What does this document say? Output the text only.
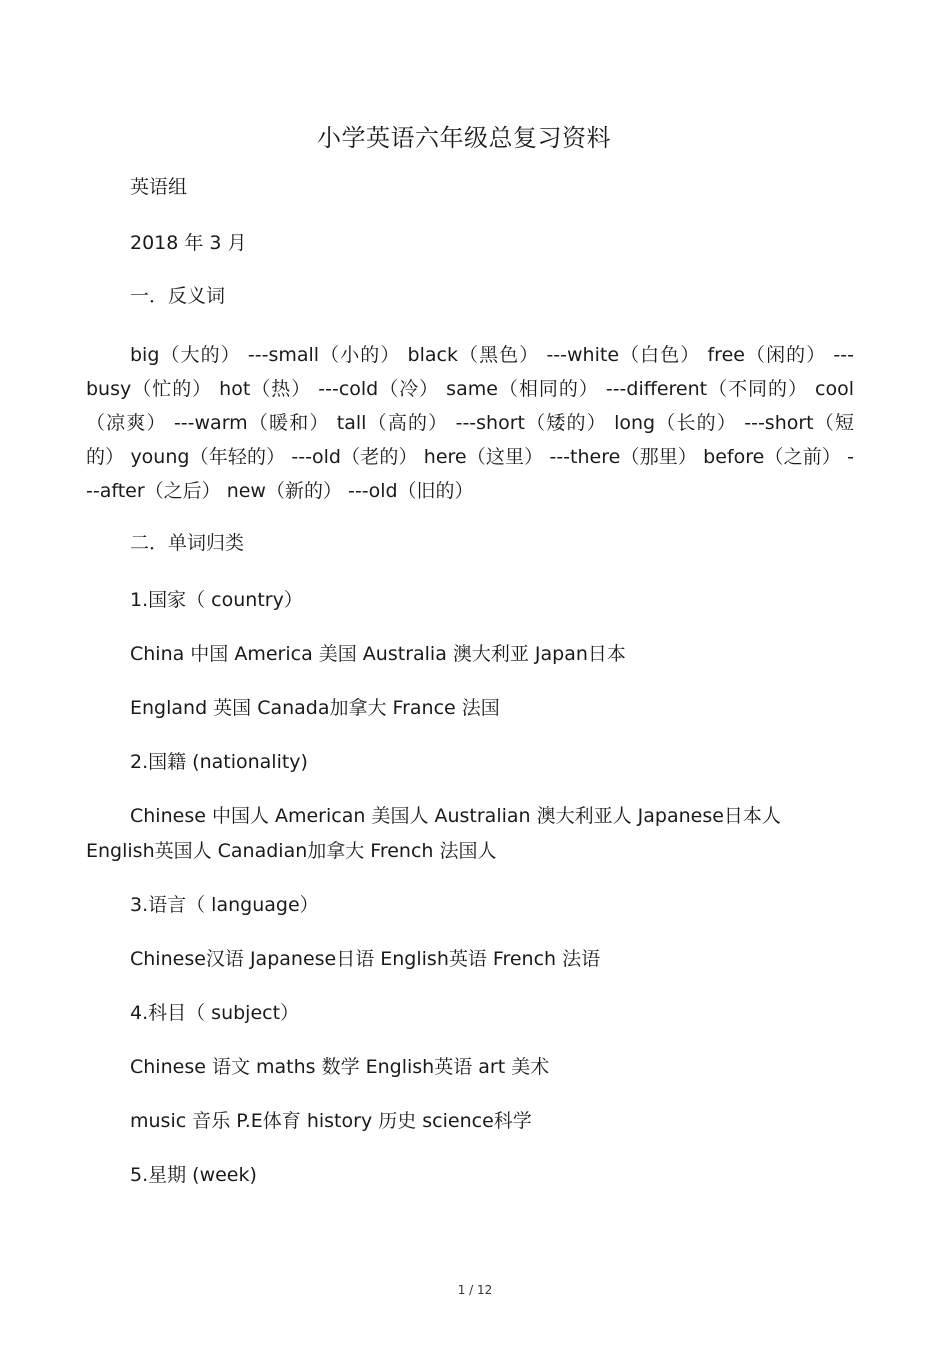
小学英语六年级总复习资料
英语组
2018 年 3 月
一．反义词
big（大的） ---small（小的） black（黑色） ---white（白色） free（闲的） ---busy（忙的） hot（热） ---cold（冷） same（相同的） ---different（不同的） cool（凉爽） ---warm（暖和） tall（高的） ---short（矮的） long（长的） ---short（短的） young（年轻的） ---old（老的） here（这里） ---there（那里） before（之前） ---after（之后） new（新的） ---old（旧的）
二．单词归类
1.国家（ country）
China 中国 America 美国 Australia 澳大利亚 Japan日本
England 英国 Canada加拿大 France 法国
2.国籍 (nationality)
Chinese 中国人 American 美国人 Australian 澳大利亚人 Japanese日本人
English英国人 Canadian加拿大 French 法国人
3.语言（ language）
Chinese汉语 Japanese日语 English英语 French 法语
4.科目（ subject）
Chinese 语文 maths 数学 English英语 art 美术
music 音乐 P.E体育 history 历史 science科学
5.星期 (week)
1 / 12
